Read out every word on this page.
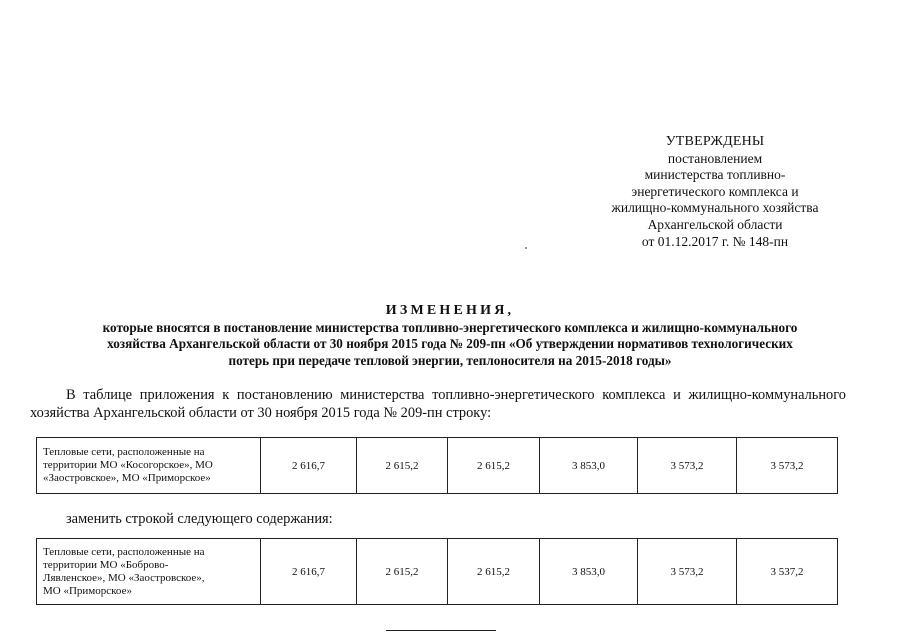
УТВЕРЖДЕНЫ
постановлением
министерства топливно-
энергетического комплекса и
жилищно-коммунального хозяйства
Архангельской области
от 01.12.2017 г. № 148-пн
ИЗМЕНЕНИЯ,
которые вносятся в постановление министерства топливно-энергетического комплекса и жилищно-коммунального
хозяйства Архангельской области от 30 ноября 2015 года № 209-пн «Об утверждении нормативов технологических
потерь при передаче тепловой энергии, теплоносителя на 2015-2018 годы»
В таблице приложения к постановлению министерства топливно-энергетического комплекса и жилищно-коммунального хозяйства Архангельской области от 30 ноября 2015 года № 209-пн строку:
Тепловые сети, расположенные на
территории МО «Косогорское», МО
«Заостровское», МО «Приморское»
	2 616,7	2 615,2	2 615,2	3 853,0	3 573,2	3 573,2
заменить строкой следующего содержания:
Тепловые сети, расположенные на
территории МО «Боброво-
Лявленское», МО «Заостровское»,
МО «Приморское»
	2 616,7	2 615,2	2 615,2	3 853,0	3 573,2	3 537,2
